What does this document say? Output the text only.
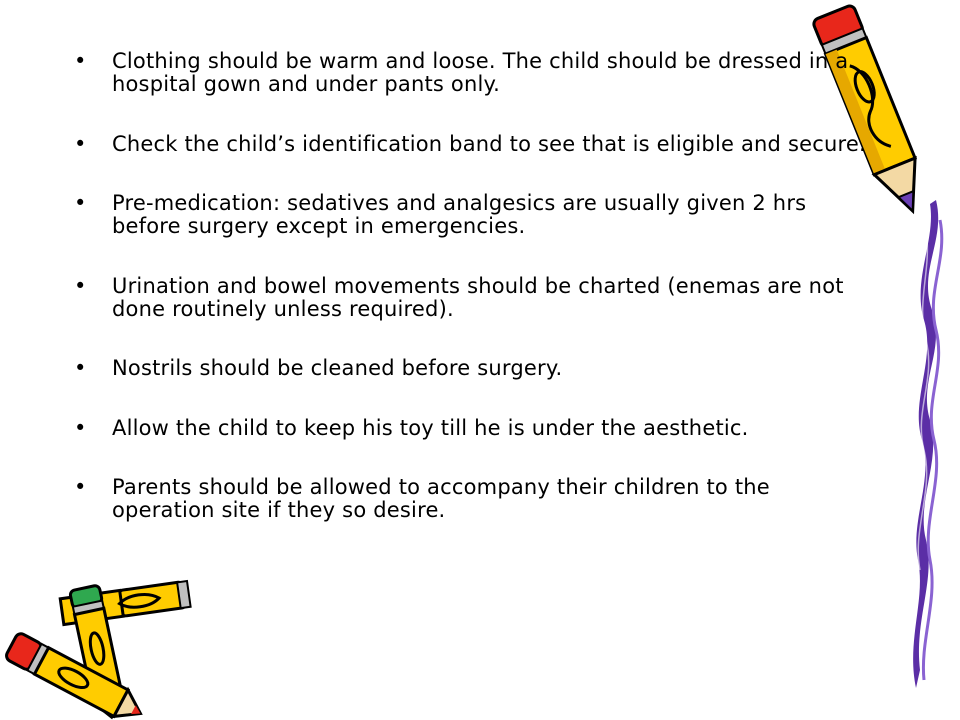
• Clothing should be warm and loose. The child should be dressed in a hospital gown and under pants only.
• Check the child’s identification band to see that is eligible and secure.
• Pre-medication: sedatives and analgesics are usually given 2 hrs before surgery except in emergencies.
• Urination and bowel movements should be charted (enemas are not done routinely unless required).
• Nostrils should be cleaned before surgery.
• Allow the child to keep his toy till he is under the aesthetic.
• Parents should be allowed to accompany their children to the operation site if they so desire.
